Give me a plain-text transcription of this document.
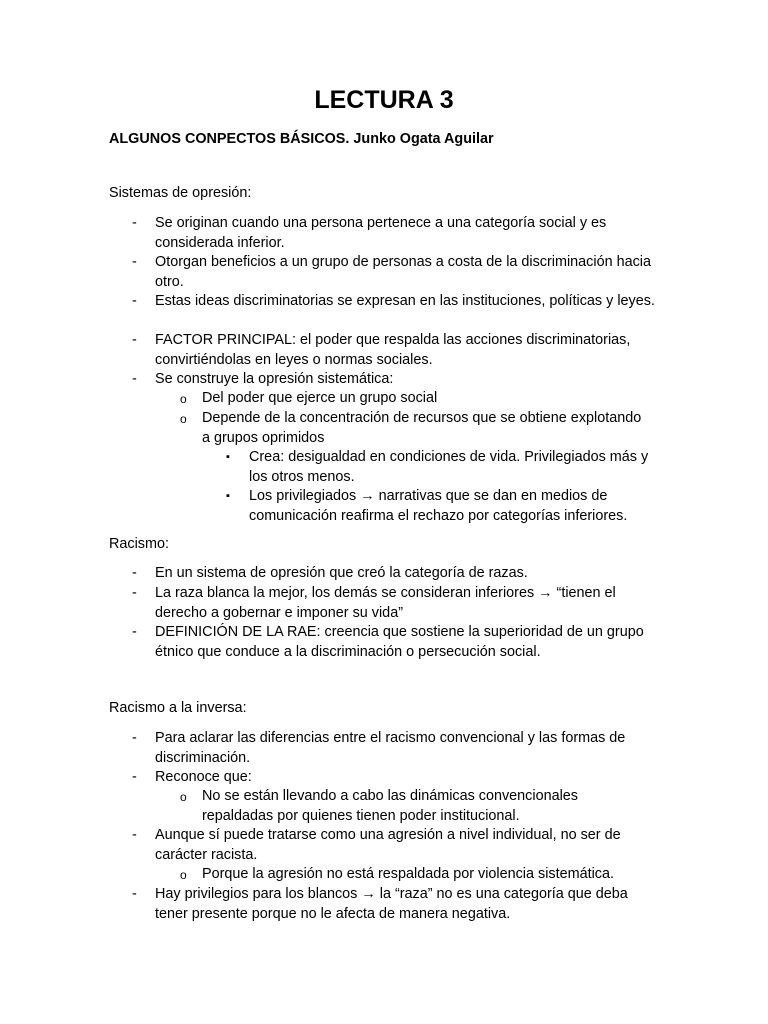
LECTURA 3
ALGUNOS CONPECTOS BÁSICOS. Junko Ogata Aguilar
Sistemas de opresión:
- Se originan cuando una persona pertenece a una categoría social y es considerada inferior.
- Otorgan beneficios a un grupo de personas a costa de la discriminación hacia otro.
- Estas ideas discriminatorias se expresan en las instituciones, políticas y leyes.
- FACTOR PRINCIPAL: el poder que respalda las acciones discriminatorias, convirtiéndolas en leyes o normas sociales.
- Se construye la opresión sistemática:
o Del poder que ejerce un grupo social
o Depende de la concentración de recursos que se obtiene explotando a grupos oprimidos
▪ Crea: desigualdad en condiciones de vida. Privilegiados más y los otros menos.
▪ Los privilegiados → narrativas que se dan en medios de comunicación reafirma el rechazo por categorías inferiores.
Racismo:
- En un sistema de opresión que creó la categoría de razas.
- La raza blanca la mejor, los demás se consideran inferiores → “tienen el derecho a gobernar e imponer su vida”
- DEFINICIÓN DE LA RAE: creencia que sostiene la superioridad de un grupo étnico que conduce a la discriminación o persecución social.
Racismo a la inversa:
- Para aclarar las diferencias entre el racismo convencional y las formas de discriminación.
- Reconoce que:
o No se están llevando a cabo las dinámicas convencionales repaldadas por quienes tienen poder institucional.
- Aunque sí puede tratarse como una agresión a nivel individual, no ser de carácter racista.
o Porque la agresión no está respaldada por violencia sistemática.
- Hay privilegios para los blancos → la “raza” no es una categoría que deba tener presente porque no le afecta de manera negativa.
